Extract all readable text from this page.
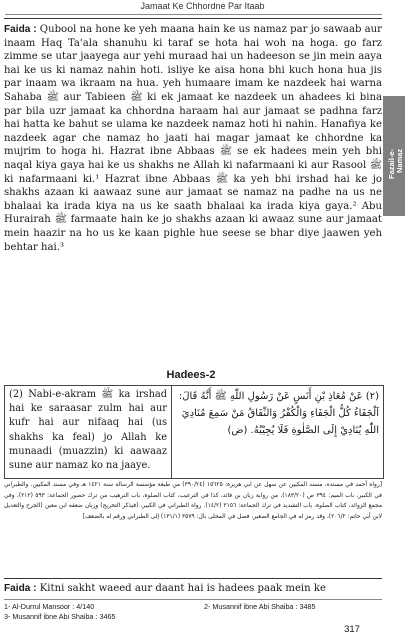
Jamaat Ke Chhordne Par Itaab
Fazail-e- Namaz

Faida : Qubool na hone ke yeh maana hain ke us namaz par jo sawaab aur inaam Haq Ta'ala shanuhu ki taraf se hota hai woh na hoga. go farz zimme se utar jaayega aur yehi muraad hai un hadeeson se jin mein aaya hai ke us ki namaz nahin hoti. isliye ke aisa hona bhi kuch hona hua jis par inaam wa ikraam na hua. yeh humaare imam ke nazdeek hai warna Sahaba ﷺ aur Tabieen ﷺ ki ek jamaat ke nazdeek un ahadees ki bina par bila uzr jamaat ka chhordna haraam hai aur jamaat se padhna farz hai hatta ke bahut se ulama ke nazdeek namaz hoti hi nahin. Hanafiya ke nazdeek agar che namaz ho jaati hai magar jamaat ke chhordne ka mujrim to hoga hi. Hazrat ibne Abbaas ﷺ se ek hadees mein yeh bhi naqal kiya gaya hai ke us shakhs ne Allah ki nafarmaani ki aur Rasool ﷺ ki nafarmaani ki.¹ Hazrat ibne Abbaas ﷺ ka yeh bhi irshad hai ke jo shakhs azaan ki aawaaz sune aur jamaat se namaz na padhe na us ne bhalaai ka irada kiya na us ke saath bhalaai ka irada kiya gaya.² Abu Hurairah ﷺ farmaate hain ke jo shakhs azaan ki awaaz sune aur jamaat mein haazir na ho us ke kaan pighle hue seese se bhar diye jaawen yeh behtar hai.³

Hadees-2
(2) Nabi-e-akram ﷺ ka irshad hai ke saraasar zulm hai aur kufr hai aur nifaaq hai (us shakhs ka feal) jo Allah ke munaadi (muazzin) ki aawaaz sune aur namaz ko na jaaye.
(٢) عَنْ مُعَاذِ بْنِ أَنَسٍ عَنْ رَسُولِ اللّٰهِ ﷺ أَنَّهُ قَالَ: اَلْجَفَاءُ كُلُّ الْجَفَاءِ وَالْكُفْرُ وَالنِّفَاقُ مَنْ سَمِعَ مُنَادِيَ اللّٰهِ يُنَادِيْ إِلَى الصَّلٰوةِ فَلَا يُجِيْبُهُ. (ض)
[رواه أحمد في مسنده، مسند المكيين عن سهل عن ابي هريرة: ١٥٦٢٥ (٣٩٠/٢٤) من طبعة مؤسسة الرسالة سنة ١٤٢١ هـ وفي مسند المكيين. والطبراني في الكبير، باب الميم: ٣٩٤ ص (١٨٣/٢٠)، من رواية زبان بن فائد، كذا في الترغيب، كتاب الصلوة، باب الترهيب من ترك حضور الجماعة: ٥٩٣ (٢١٢)، وفي مجمع الزوائد، كتاب الصلوة، باب التشديد في ترك الجماعة: ٢١٥٦ (١٤/٢). رواه الطبراني في الكبير، (فيذكر التخريج) وزبان ضعفه ابن معين (الجرح والتعديل لابن أبي حاتم: ٢٠٦/٢)، وقد رمز له في الجامع الصغير، فصل في المحلى بال: ٣٥٧٩ (١٣١/١) إلى الطبراني ورقم له بالضعف]
Faida : Kitni sakht waeed aur daant hai is hadees paak mein ke
1- Al-Durrul Mansoor : 4/140	2- Musannif ibne Abi Shaiba : 3485
3- Musannif ibne Abi Shaiba : 3465
317
